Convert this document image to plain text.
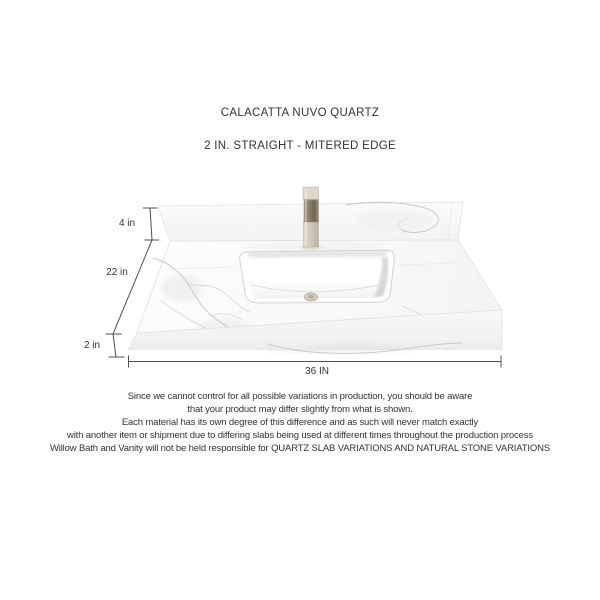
CALACATTA NUVO QUARTZ
2 IN. STRAIGHT - MITERED EDGE
4 in
22 in
2 in
36 IN
Since we cannot control for all possible variations in production, you should be aware
that your product may differ slightly from what is shown.
Each material has its own degree of this difference and as such will never match exactly
with another item or shipment due to differing slabs being used at different times throughout the production process
Willow Bath and Vanity will not be held responsible for QUARTZ SLAB VARIATIONS AND NATURAL STONE VARIATIONS
